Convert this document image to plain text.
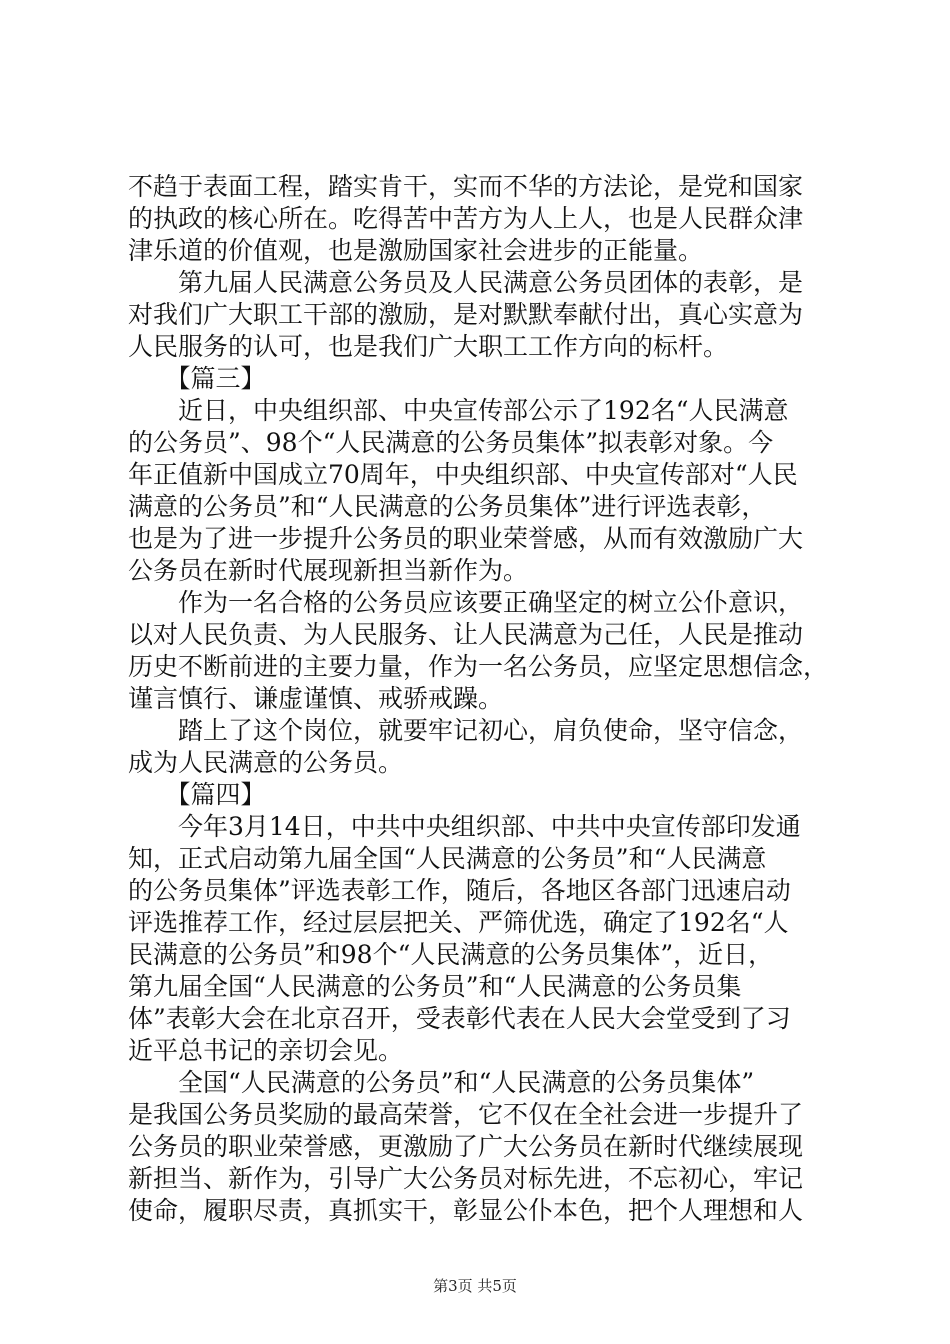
不趋于表面工程，踏实肯干，实而不华的方法论，是党和国家
的执政的核心所在。吃得苦中苦方为人上人，也是人民群众津
津乐道的价值观，也是激励国家社会进步的正能量。
　　第九届人民满意公务员及人民满意公务员团体的表彰，是
对我们广大职工干部的激励，是对默默奉献付出，真心实意为
人民服务的认可，也是我们广大职工工作方向的标杆。
　　【篇三】
　　近日，中央组织部、中央宣传部公示了192名“人民满意
的公务员”、98个“人民满意的公务员集体”拟表彰对象。今
年正值新中国成立70周年，中央组织部、中央宣传部对“人民
满意的公务员”和“人民满意的公务员集体”进行评选表彰，
也是为了进一步提升公务员的职业荣誉感，从而有效激励广大
公务员在新时代展现新担当新作为。
　　作为一名合格的公务员应该要正确坚定的树立公仆意识，
以对人民负责、为人民服务、让人民满意为己任，人民是推动
历史不断前进的主要力量，作为一名公务员，应坚定思想信念，
谨言慎行、谦虚谨慎、戒骄戒躁。
　　踏上了这个岗位，就要牢记初心，肩负使命，坚守信念，
成为人民满意的公务员。
　　【篇四】
　　今年3月14日，中共中央组织部、中共中央宣传部印发通
知，正式启动第九届全国“人民满意的公务员”和“人民满意
的公务员集体”评选表彰工作，随后，各地区各部门迅速启动
评选推荐工作，经过层层把关、严筛优选，确定了192名“人
民满意的公务员”和98个“人民满意的公务员集体”，近日，
第九届全国“人民满意的公务员”和“人民满意的公务员集
体”表彰大会在北京召开，受表彰代表在人民大会堂受到了习
近平总书记的亲切会见。
　　全国“人民满意的公务员”和“人民满意的公务员集体”
是我国公务员奖励的最高荣誉，它不仅在全社会进一步提升了
公务员的职业荣誉感，更激励了广大公务员在新时代继续展现
新担当、新作为，引导广大公务员对标先进，不忘初心，牢记
使命，履职尽责，真抓实干，彰显公仆本色，把个人理想和人
第3页 共5页
